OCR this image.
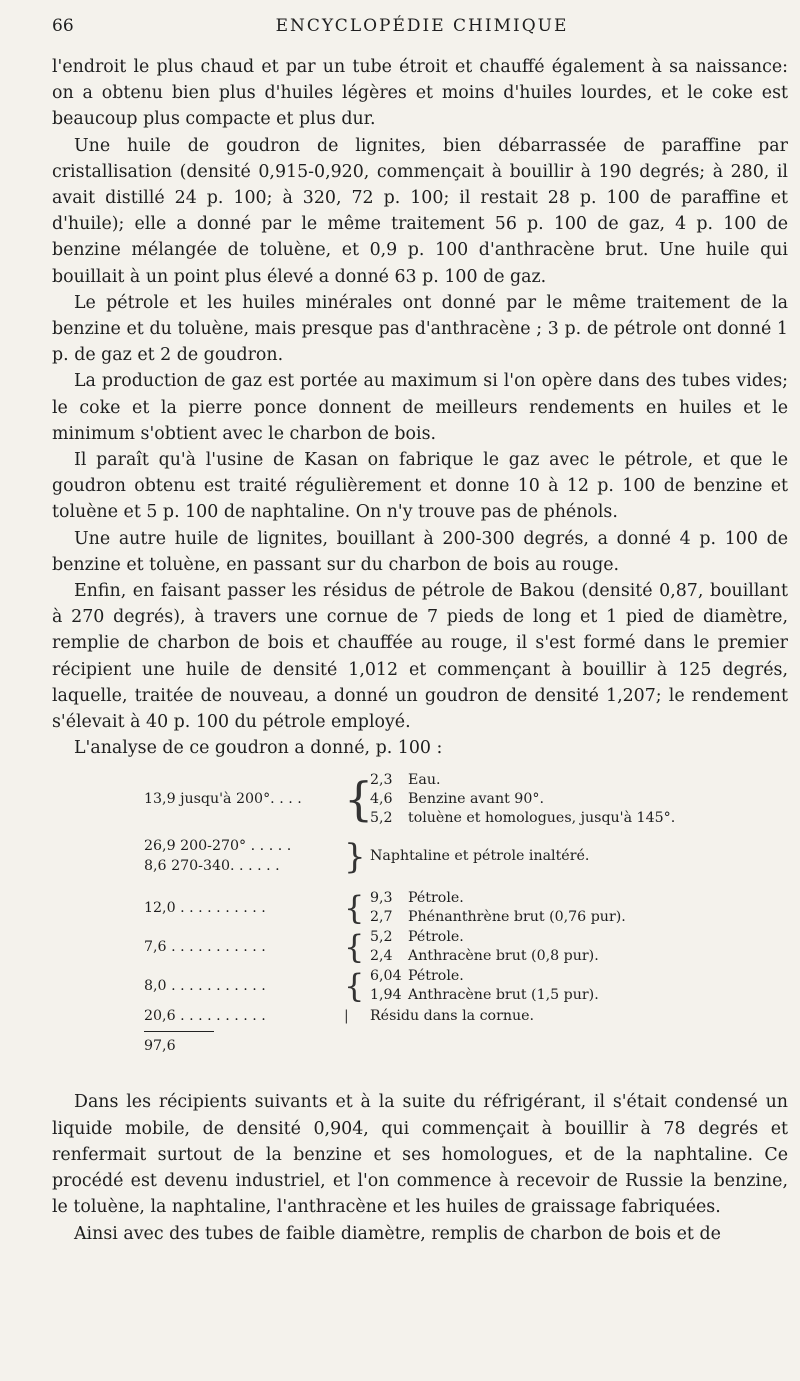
66	ENCYCLOPÉDIE CHIMIQUE

l'endroit le plus chaud et par un tube étroit et chauffé également à sa naissance: on a obtenu bien plus d'huiles légères et moins d'huiles lourdes, et le coke est beaucoup plus compacte et plus dur.

Une huile de goudron de lignites, bien débarrassée de paraffine par cristallisation (densité 0,915-0,920, commençait à bouillir à 190 degrés; à 280, il avait distillé 24 p. 100; à 320, 72 p. 100; il restait 28 p. 100 de paraffine et d'huile); elle a donné par le même traitement 56 p. 100 de gaz, 4 p. 100 de benzine mélangée de toluène, et 0,9 p. 100 d'anthracène brut. Une huile qui bouillait à un point plus élevé a donné 63 p. 100 de gaz.

Le pétrole et les huiles minérales ont donné par le même traitement de la benzine et du toluène, mais presque pas d'anthracène ; 3 p. de pétrole ont donné 1 p. de gaz et 2 de goudron.

La production de gaz est portée au maximum si l'on opère dans des tubes vides; le coke et la pierre ponce donnent de meilleurs rendements en huiles et le minimum s'obtient avec le charbon de bois.

Il paraît qu'à l'usine de Kasan on fabrique le gaz avec le pétrole, et que le goudron obtenu est traité régulièrement et donne 10 à 12 p. 100 de benzine et toluène et 5 p. 100 de naphtaline. On n'y trouve pas de phénols.

Une autre huile de lignites, bouillant à 200-300 degrés, a donné 4 p. 100 de benzine et toluène, en passant sur du charbon de bois au rouge.

Enfin, en faisant passer les résidus de pétrole de Bakou (densité 0,87, bouillant à 270 degrés), à travers une cornue de 7 pieds de long et 1 pied de diamètre, remplie de charbon de bois et chauffée au rouge, il s'est formé dans le premier récipient une huile de densité 1,012 et commençant à bouillir à 125 degrés, laquelle, traitée de nouveau, a donné un goudron de densité 1,207; le rendement s'élevait à 40 p. 100 du pétrole employé.

L'analyse de ce goudron a donné, p. 100 :

13,9 jusqu'à 200°. . . . {
2,3 Eau.
4,6 Benzine avant 90°.
5,2 toluène et homologues, jusqu'à 145°.
26,9 200-270° . . . . .
8,6 270-340. . . . . .	} Naphtaline et pétrole inaltéré.
12,0 . . . . . . . . . .	{ 9,3 Pétrole.
2,7 Phénanthrène brut (0,76 pur).
7,6 . . . . . . . . . . .	{ 5,2 Pétrole.
2,4 Anthracène brut (0,8 pur).
8,0 . . . . . . . . . . .	{ 6,04 Pétrole.
1,94 Anthracène brut (1,5 pur).
20,6 . . . . . . . . . .	| Résidu dans la cornue.
97,6

Dans les récipients suivants et à la suite du réfrigérant, il s'était condensé un liquide mobile, de densité 0,904, qui commençait à bouillir à 78 degrés et renfermait surtout de la benzine et ses homologues, et de la naphtaline. Ce procédé est devenu industriel, et l'on commence à recevoir de Russie la benzine, le toluène, la naphtaline, l'anthracène et les huiles de graissage fabriquées.

Ainsi avec des tubes de faible diamètre, remplis de charbon de bois et de
